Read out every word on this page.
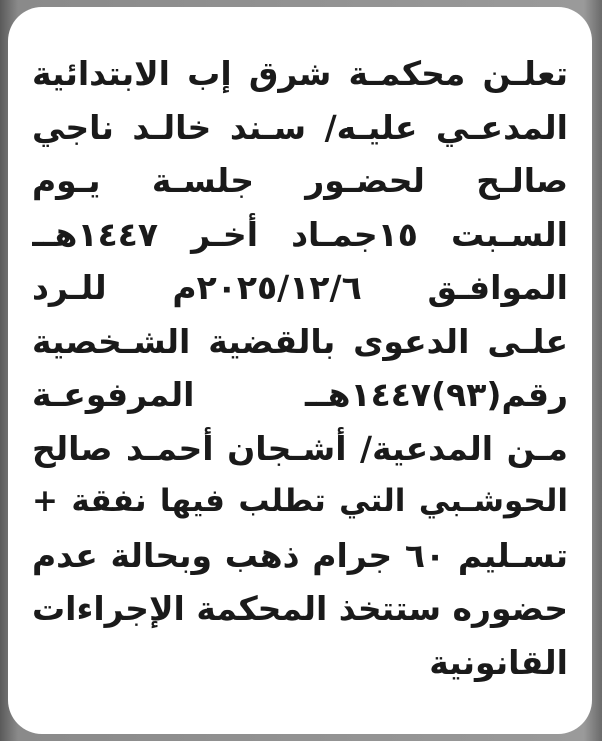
تعلـن محكمـة شرق إب الابتدائية
المدعـي عليـه/ سـند خالـد ناجي
صالـح لحضـور جلسـة يـوم
السـبت ١٥جمـاد أخـر ١٤٤٧هــ
الموافـق ٢٠٢٥/١٢/٦م للـرد
علـى الدعوى بالقضية الشـخصية
رقم(٩٣)١٤٤٧هــ المرفوعـة
مـن المدعية/ أشـجان أحمـد صالح
الحوشـبي التي تطلب فيها نفقة +
تسـليم ٦٠ جرام ذهب وبحالة عدم
حضوره ستتخذ المحكمة الإجراءات
القانونية
